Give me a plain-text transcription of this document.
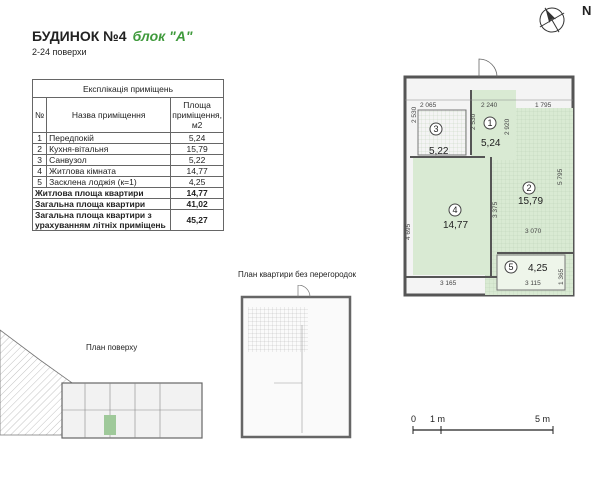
БУДИНОК №4 блок "А"
2-24 поверхи
Експлікація приміщень		
№	Назва приміщення	Площа приміщення, м2
1	Передпокій	5,24
2	Кухня-вітальня	15,79
3	Санвузол	5,22
4	Житлова кімната	14,77
5	Засклена лоджія (к=1)	4,25
Житлова площа квартири		14,77
Загальна площа квартири		41,02
Загальна площа квартири з урахуванням літніх приміщень		45,27
N
1
5,24
2
15,79
3
5,22
4
14,77
5 4,25
2 065	2 240	1 795
2 530	2 530	2 920
5 795
3 375
4 695	3 070
1 365
3 165	3 115
План квартири без перегородок
План поверху
0 1 m	5 m
